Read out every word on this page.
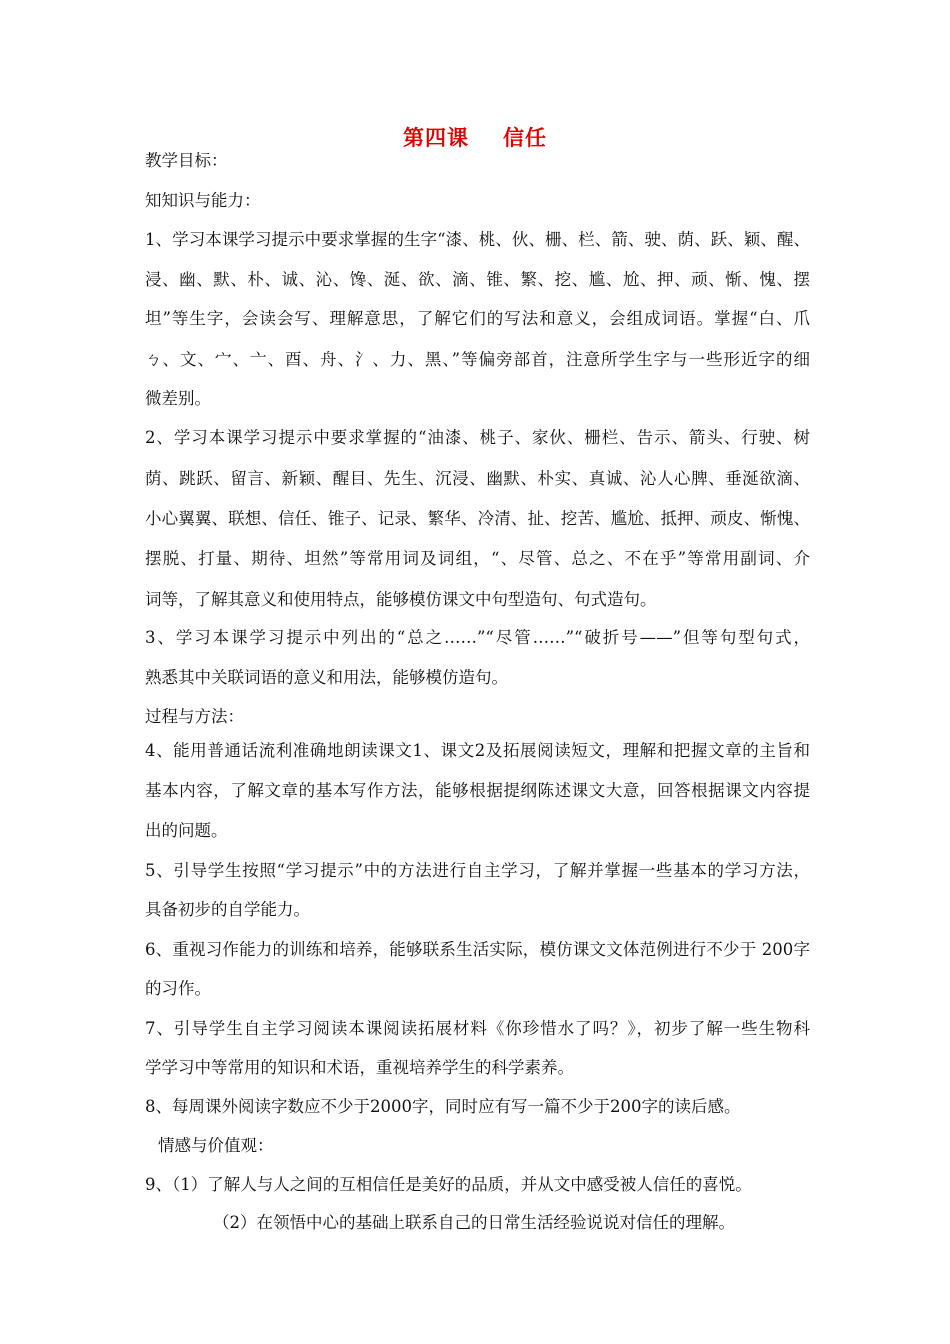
第四课 信任
教学目标：
知知识与能力：
1、学习本课学习提示中要求掌握的生字“漆、桃、伙、栅、栏、箭、驶、荫、跃、颖、醒、
浸、幽、默、朴、诚、沁、馋、涎、欲、滴、锥、繁、挖、尴、尬、押、顽、惭、愧、摆
坦”等生字，会读会写、理解意思，了解它们的写法和意义，会组成词语。掌握“白、爪
ㄅ、文、宀、亠、酉、舟、氵、力、黑、”等偏旁部首，注意所学生字与一些形近字的细
微差别。
2、学习本课学习提示中要求掌握的“油漆、桃子、家伙、栅栏、告示、箭头、行驶、树
荫、跳跃、留言、新颖、醒目、先生、沉浸、幽默、朴实、真诚、沁人心脾、垂涎欲滴、
小心翼翼、联想、信任、锥子、记录、繁华、冷清、扯、挖苦、尴尬、抵押、顽皮、惭愧、
摆脱、打量、期待、坦然”等常用词及词组，“、尽管、总之、不在乎”等常用副词、介
词等，了解其意义和使用特点，能够模仿课文中句型造句、句式造句。
3、学习本课学习提示中列出的“总之……”“尽管……”“破折号——”但等句型句式，
熟悉其中关联词语的意义和用法，能够模仿造句。
过程与方法：
4、能用普通话流利准确地朗读课文1、课文2及拓展阅读短文，理解和把握文章的主旨和
基本内容，了解文章的基本写作方法，能够根据提纲陈述课文大意，回答根据课文内容提
出的问题。
5、引导学生按照“学习提示”中的方法进行自主学习，了解并掌握一些基本的学习方法，
具备初步的自学能力。
6、重视习作能力的训练和培养，能够联系生活实际，模仿课文文体范例进行不少于 200字
的习作。
7、引导学生自主学习阅读本课阅读拓展材料《你珍惜水了吗？》，初步了解一些生物科
学学习中等常用的知识和术语，重视培养学生的科学素养。
8、每周课外阅读字数应不少于2000字，同时应有写一篇不少于200字的读后感。
情感与价值观：
9、（1）了解人与人之间的互相信任是美好的品质，并从文中感受被人信任的喜悦。
（2）在领悟中心的基础上联系自己的日常生活经验说说对信任的理解。
